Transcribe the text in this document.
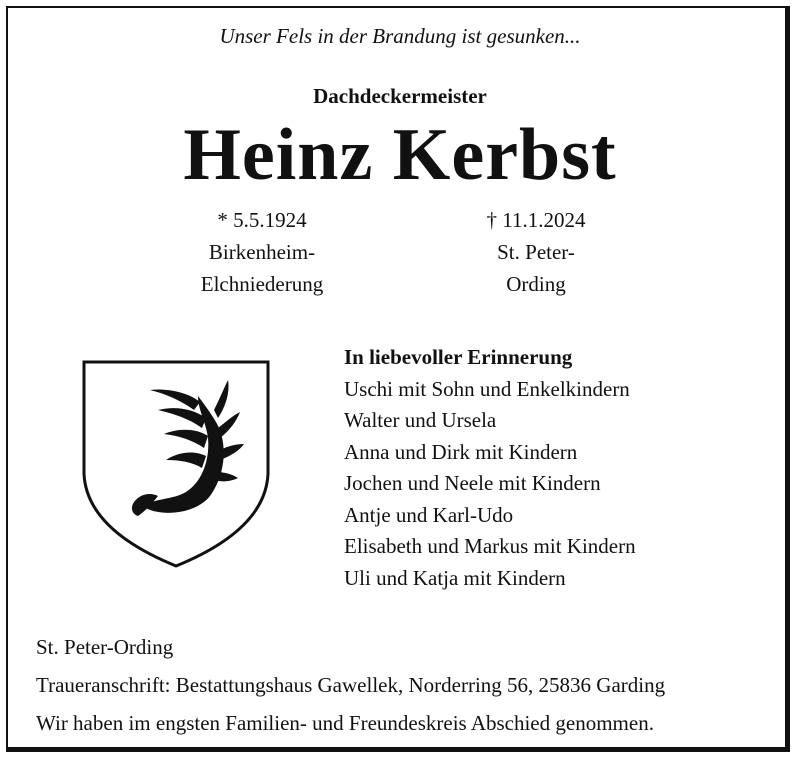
Unser Fels in der Brandung ist gesunken...
Dachdeckermeister
Heinz Kerbst
* 5.5.1924
Birkenheim-
Elchniederung
† 11.1.2024
St. Peter-
Ording
In liebevoller Erinnerung
Uschi mit Sohn und Enkelkindern
Walter und Ursela
Anna und Dirk mit Kindern
Jochen und Neele mit Kindern
Antje und Karl-Udo
Elisabeth und Markus mit Kindern
Uli und Katja mit Kindern
St. Peter-Ording
Traueranschrift: Bestattungshaus Gawellek, Norderring 56, 25836 Garding
Wir haben im engsten Familien- und Freundeskreis Abschied genommen.
